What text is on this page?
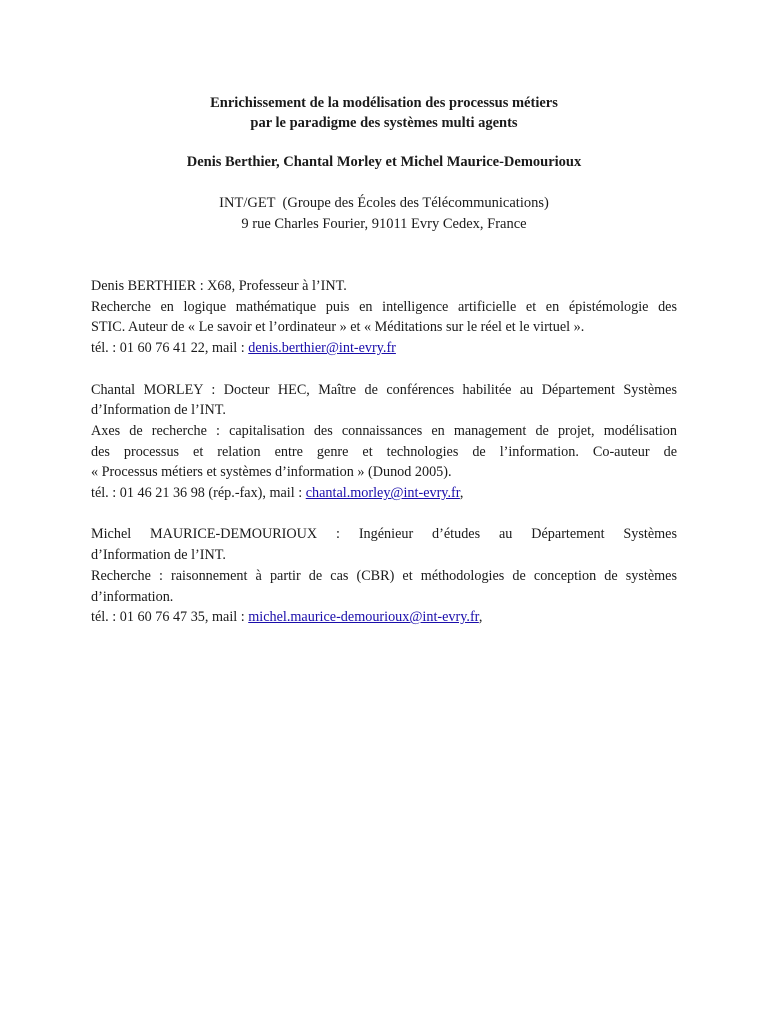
Enrichissement de la modélisation des processus métiers
par le paradigme des systèmes multi agents
Denis Berthier, Chantal Morley et Michel Maurice-Demourioux
INT/GET  (Groupe des Écoles des Télécommunications)
9 rue Charles Fourier, 91011 Evry Cedex, France
Denis BERTHIER : X68, Professeur à l’INT.
Recherche en logique mathématique puis en intelligence artificielle et en épistémologie des
STIC. Auteur de « Le savoir et l’ordinateur » et « Méditations sur le réel et le virtuel ».
tél. : 01 60 76 41 22, mail : denis.berthier@int-evry.fr
Chantal MORLEY : Docteur HEC, Maître de conférences habilitée au Département Systèmes
d’Information de l’INT.
Axes de recherche : capitalisation des connaissances en management de projet, modélisation
des processus et relation entre genre et technologies de l’information. Co-auteur de
« Processus métiers et systèmes d’information » (Dunod 2005).
tél. : 01 46 21 36 98 (rép.-fax), mail : chantal.morley@int-evry.fr,
Michel MAURICE-DEMOURIOUX : Ingénieur d’études au Département Systèmes
d’Information de l’INT.
Recherche : raisonnement à partir de cas (CBR) et méthodologies de conception de systèmes
d’information.
tél. : 01 60 76 47 35, mail : michel.maurice-demourioux@int-evry.fr,
